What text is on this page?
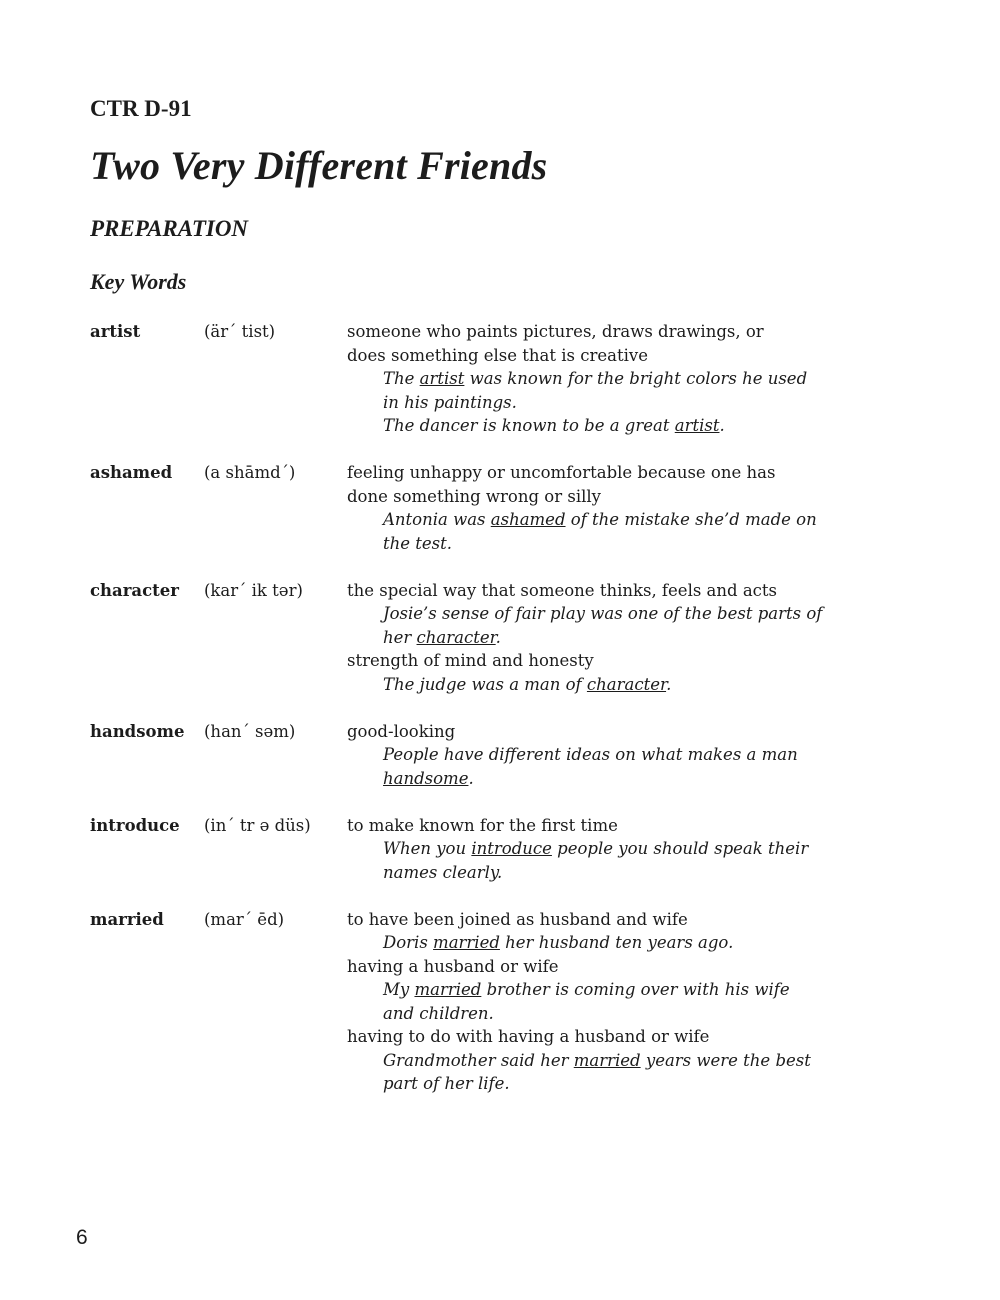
CTR D-91
Two Very Different Friends
PREPARATION
Key Words
artist	(är´ tist)	someone who paints pictures, draws drawings, or
does something else that is creative
The artist was known for the bright colors he used
in his paintings.
The dancer is known to be a great artist.
ashamed	(a shāmd´)	feeling unhappy or uncomfortable because one has
done something wrong or silly
Antonia was ashamed of the mistake she’d made on
the test.
character	(kar´ ik tər)	the special way that someone thinks, feels and acts
Josie’s sense of fair play was one of the best parts of
her character.
strength of mind and honesty
The judge was a man of character.
handsome	(han´ səm)	good-looking
People have different ideas on what makes a man
handsome.
introduce	(in´ tr ə düs)	to make known for the first time
When you introduce people you should speak their
names clearly.
married	(mar´ ēd)	to have been joined as husband and wife
Doris married her husband ten years ago.
having a husband or wife
My married brother is coming over with his wife
and children.
having to do with having a husband or wife
Grandmother said her married years were the best
part of her life.
6
